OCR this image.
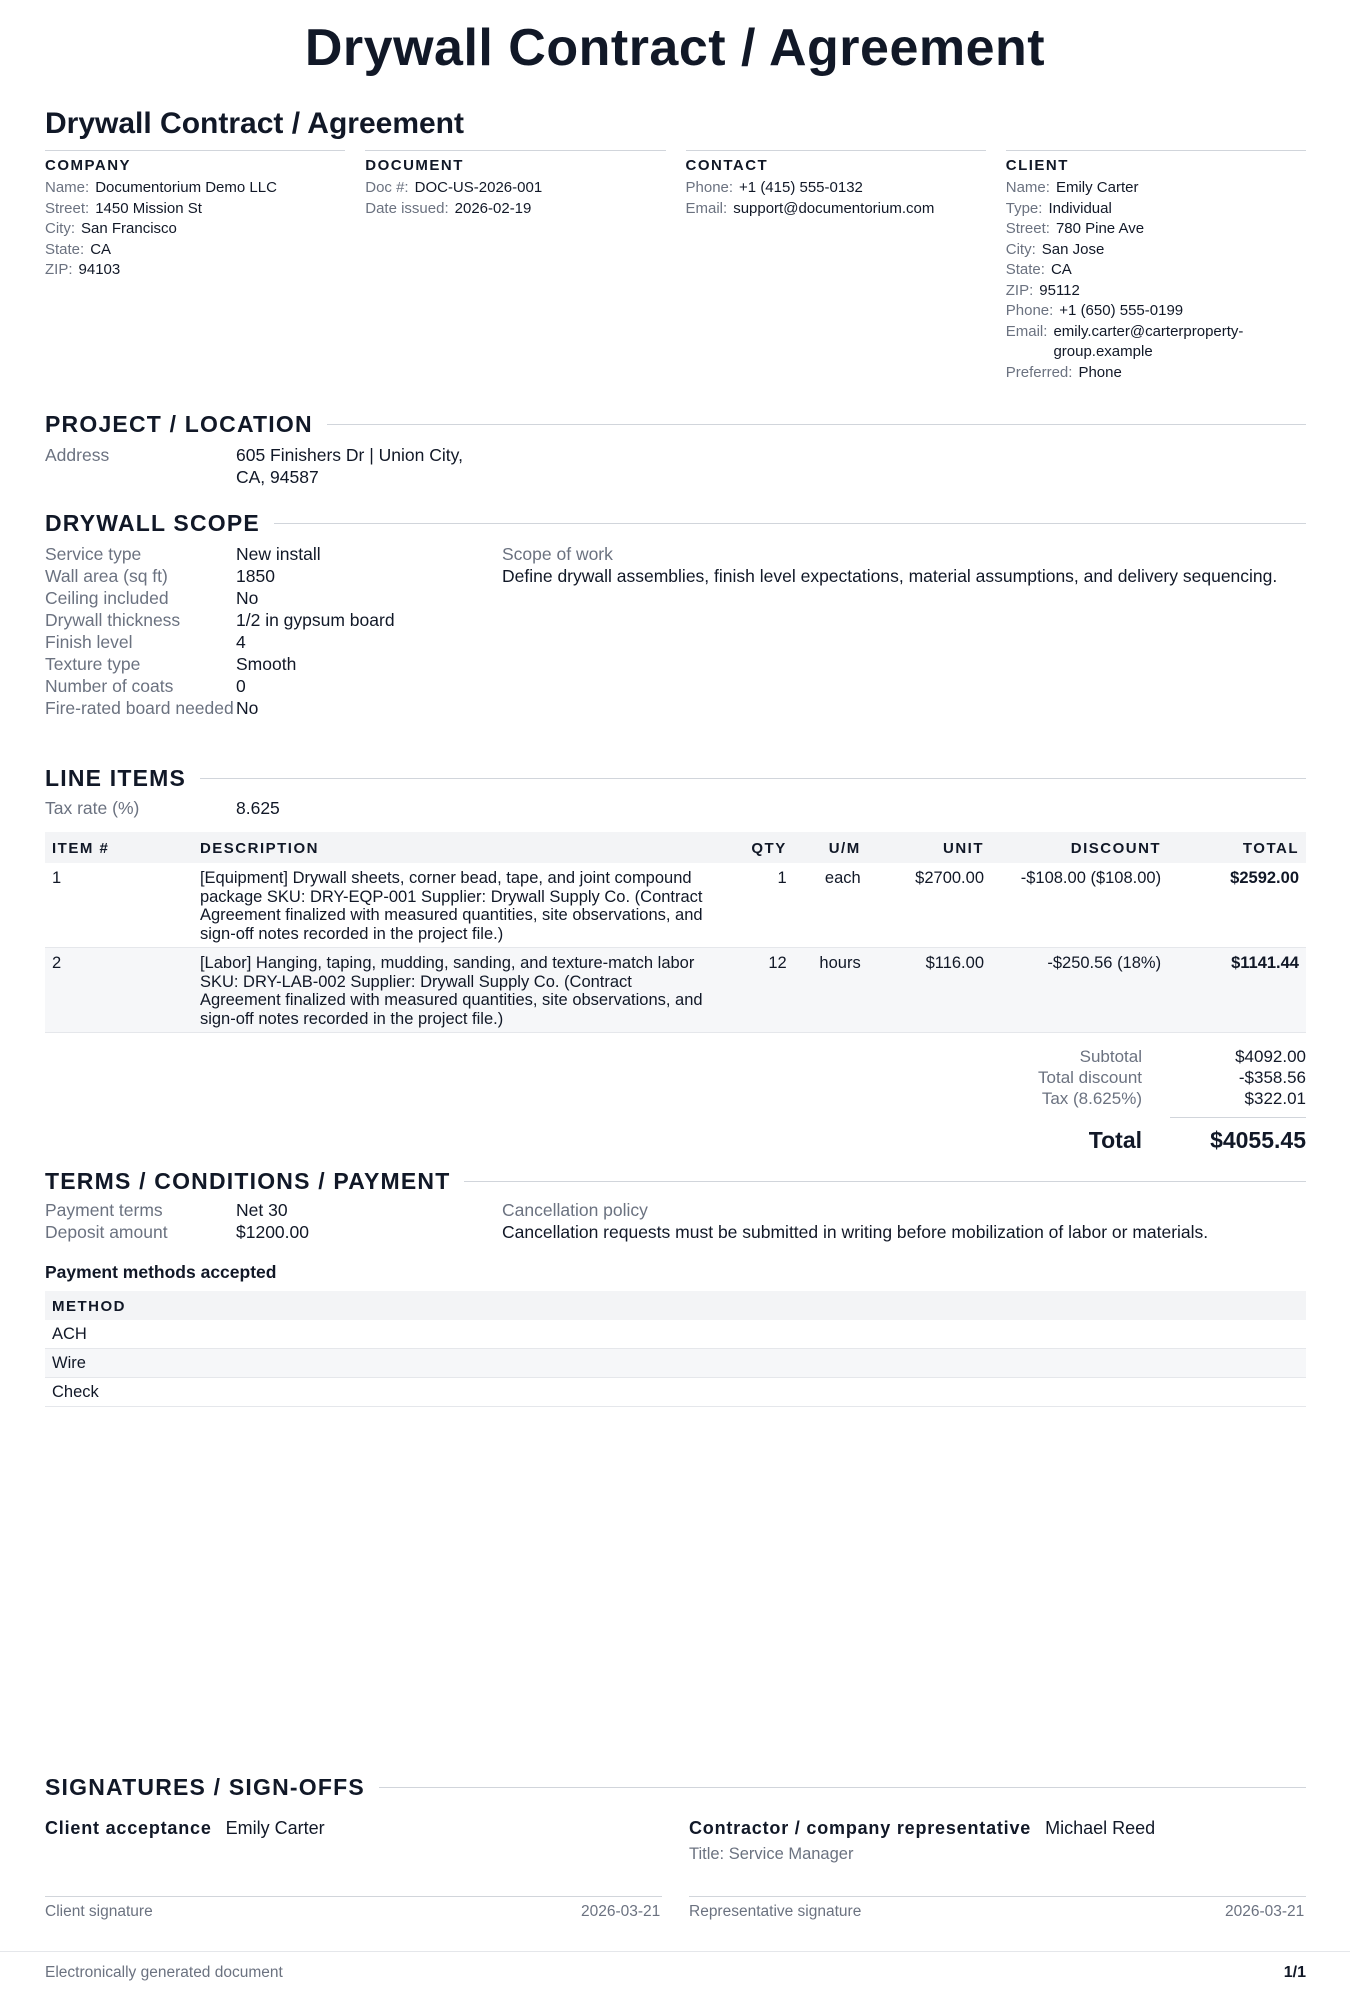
Drywall Contract / Agreement
Drywall Contract / Agreement
COMPANY
Name: Documentorium Demo LLC
Street: 1450 Mission St
City: San Francisco
State: CA
ZIP: 94103
DOCUMENT
Doc #: DOC-US-2026-001
Date issued: 2026-02-19
CONTACT
Phone: +1 (415) 555-0132
Email: support@documentorium.com
CLIENT
Name: Emily Carter
Type: Individual
Street: 780 Pine Ave
City: San Jose
State: CA
ZIP: 95112
Phone: +1 (650) 555-0199
Email: emily.carter@carterproperty-group.example
Preferred: Phone
PROJECT / LOCATION
Address	605 Finishers Dr | Union City,
CA, 94587
DRYWALL SCOPE
Service type	New install
Wall area (sq ft)	1850
Ceiling included	No
Drywall thickness	1/2 in gypsum board
Finish level	4
Texture type	Smooth
Number of coats	0
Fire-rated board needed No
Scope of work
Define drywall assemblies, finish level expectations, material assumptions, and delivery sequencing.
LINE ITEMS
Tax rate (%)	8.625
ITEM #	DESCRIPTION	QTY	U/M	UNIT	DISCOUNT	TOTAL
1	[Equipment] Drywall sheets, corner bead, tape, and joint compound package SKU: DRY-EQP-001 Supplier: Drywall Supply Co. (Contract Agreement finalized with measured quantities, site observations, and sign-off notes recorded in the project file.)	1	each	$2700.00	-$108.00 ($108.00)	$2592.00
2	[Labor] Hanging, taping, mudding, sanding, and texture-match labor SKU: DRY-LAB-002 Supplier: Drywall Supply Co. (Contract Agreement finalized with measured quantities, site observations, and sign-off notes recorded in the project file.)	12	hours	$116.00	-$250.56 (18%)	$1141.44
Subtotal	$4092.00
Total discount	-$358.56
Tax (8.625%)	$322.01
Total	$4055.45
TERMS / CONDITIONS / PAYMENT
Payment terms	Net 30
Deposit amount	$1200.00
Cancellation policy
Cancellation requests must be submitted in writing before mobilization of labor or materials.
Payment methods accepted
METHOD
ACH
Wire
Check
SIGNATURES / SIGN-OFFS
Client acceptance Emily Carter	Contractor / company representative Michael Reed
Title: Service Manager
Client signature	2026-03-21 Representative signature	2026-03-21
Electronically generated document	1/1
